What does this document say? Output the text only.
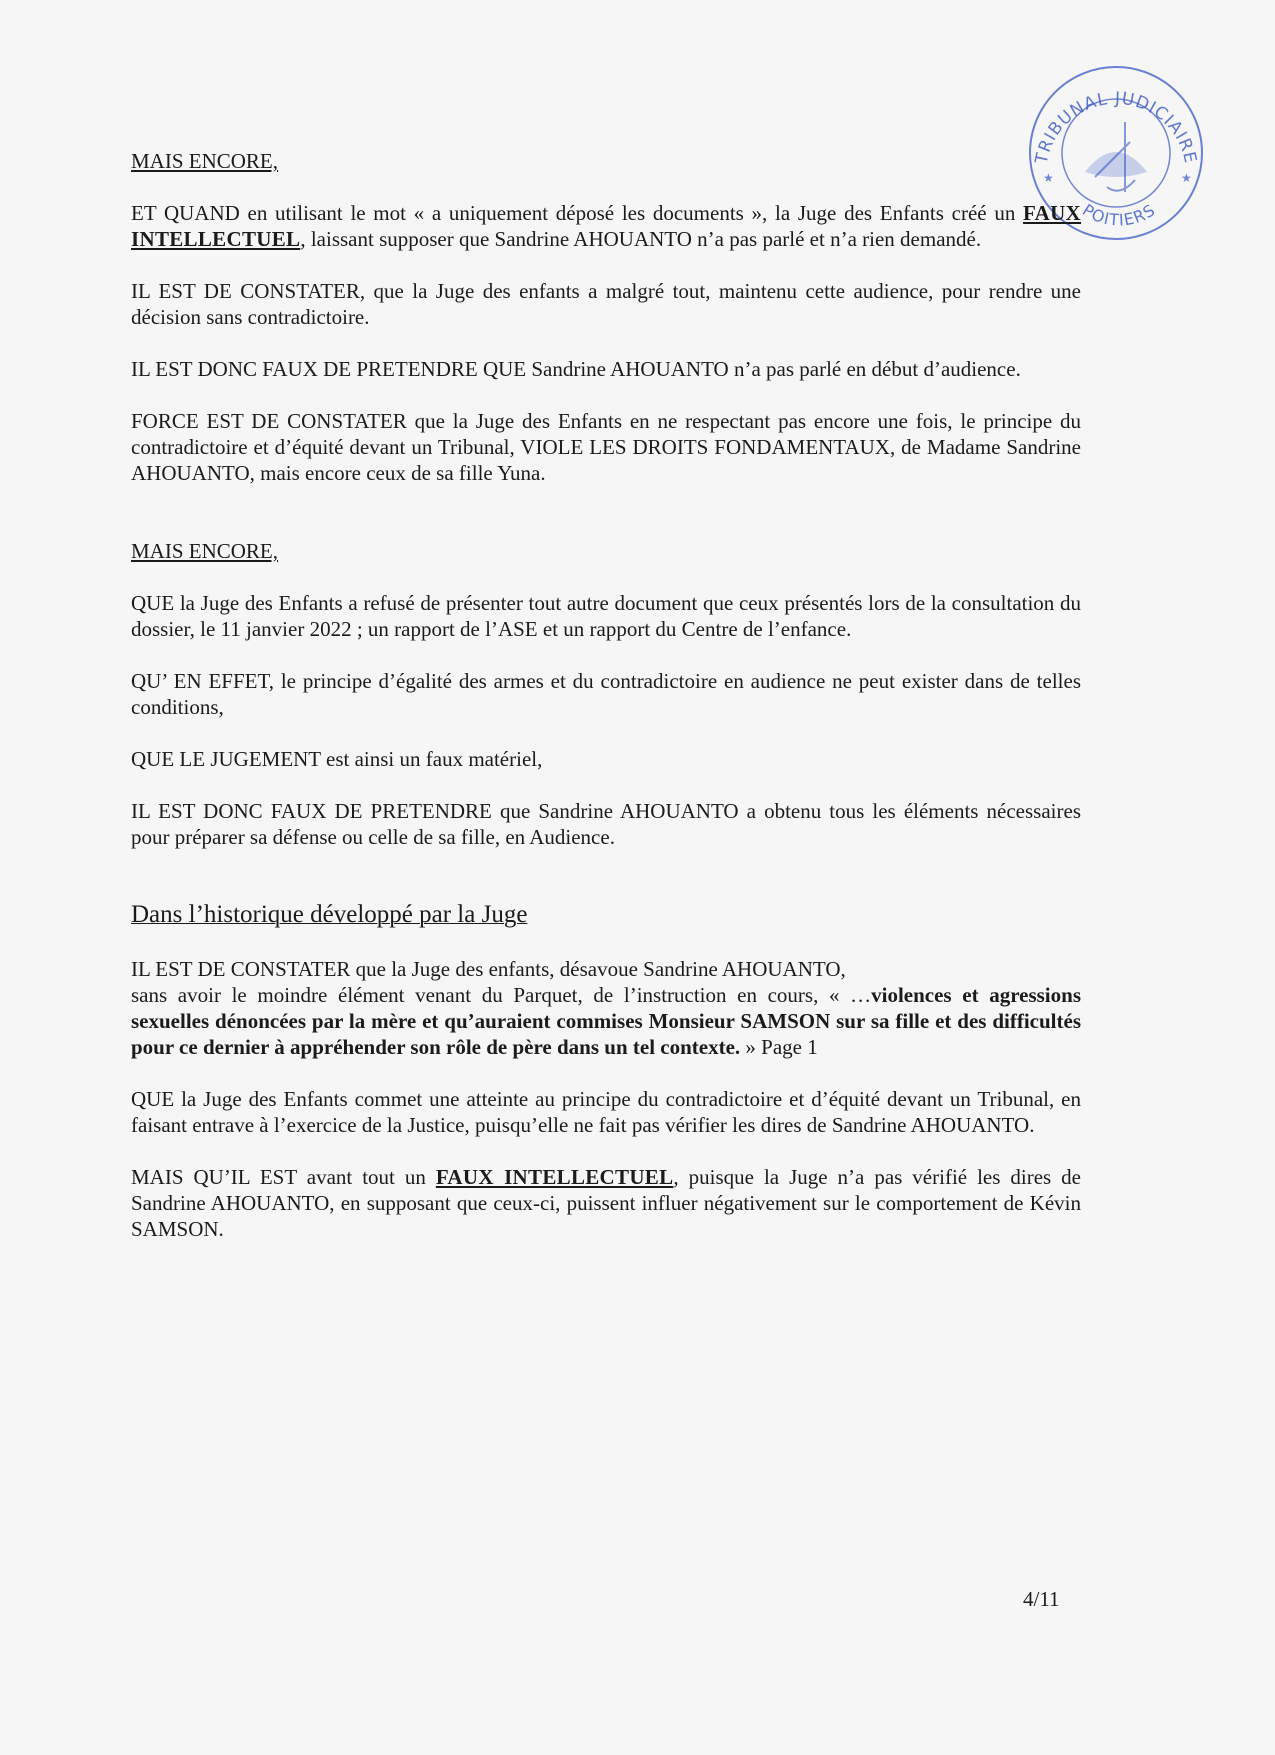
TRIBUNAL JUDICIAIRE
POITIERS
★	★

MAIS ENCORE,

ET QUAND en utilisant le mot « a uniquement déposé les documents », la Juge des Enfants créé un FAUX INTELLECTUEL, laissant supposer que Sandrine AHOUANTO n’a pas parlé et n’a rien demandé.

IL EST DE CONSTATER, que la Juge des enfants a malgré tout, maintenu cette audience, pour rendre une décision sans contradictoire.

IL EST DONC FAUX DE PRETENDRE QUE Sandrine AHOUANTO n’a pas parlé en début d’audience.

FORCE EST DE CONSTATER que la Juge des Enfants en ne respectant pas encore une fois, le principe du contradictoire et d’équité devant un Tribunal, VIOLE LES DROITS FONDAMENTAUX, de Madame Sandrine AHOUANTO, mais encore ceux de sa fille Yuna.

MAIS ENCORE,

QUE la Juge des Enfants a refusé de présenter tout autre document que ceux présentés lors de la consultation du dossier, le 11 janvier 2022 ; un rapport de l’ASE et un rapport du Centre de l’enfance.

QU’ EN EFFET, le principe d’égalité des armes et du contradictoire en audience ne peut exister dans de telles conditions,

QUE LE JUGEMENT est ainsi un faux matériel,

IL EST DONC FAUX DE PRETENDRE que Sandrine AHOUANTO a obtenu tous les éléments nécessaires pour préparer sa défense ou celle de sa fille, en Audience.

Dans l’historique développé par la Juge

IL EST DE CONSTATER que la Juge des enfants, désavoue Sandrine AHOUANTO,
sans avoir le moindre élément venant du Parquet, de l’instruction en cours, « …violences et agressions sexuelles dénoncées par la mère et qu’auraient commises Monsieur SAMSON sur sa fille et des difficultés pour ce dernier à appréhender son rôle de père dans un tel contexte. » Page 1

QUE la Juge des Enfants commet une atteinte au principe du contradictoire et d’équité devant un Tribunal, en faisant entrave à l’exercice de la Justice, puisqu’elle ne fait pas vérifier les dires de Sandrine AHOUANTO.

MAIS QU’IL EST avant tout un FAUX INTELLECTUEL, puisque la Juge n’a pas vérifié les dires de Sandrine AHOUANTO, en supposant que ceux-ci, puissent influer négativement sur le comportement de Kévin SAMSON.

4/11
